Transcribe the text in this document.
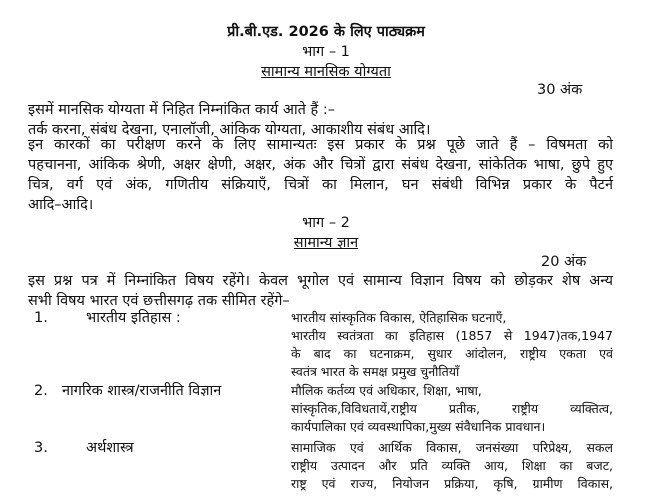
प्री.बी.एड. 2026 के लिए पाठ्यक्रम
भाग – 1
सामान्य मानसिक योग्यता
30 अंक
इसमें मानसिक योग्यता में निहित निम्नांकित कार्य आते हैं :–
तर्क करना, संबंध देखना, एनालॉजी, आंकिक योग्यता, आकाशीय संबंध आदि।
इन कारकों का परीक्षण करने के लिए सामान्यतः इस प्रकार के प्रश्न पूछे जाते हैं – विषमता को
पहचानना, आंकिक श्रेणी, अक्षर क्षेणी, अक्षर, अंक और चित्रों द्वारा संबंध देखना, सांकेतिक भाषा, छुपे हुए
चित्र, वर्ग एवं अंक, गणितीय संक्रियाएँ, चित्रों का मिलान, घन संबंधी विभिन्न प्रकार के पैटर्न
आदि–आदि।
भाग – 2
सामान्य ज्ञान
20 अंक
इस प्रश्न पत्र में निम्नांकित विषय रहेंगे। केवल भूगोल एवं सामान्य विज्ञान विषय को छोड़कर शेष अन्य
सभी विषय भारत एवं छत्तीसगढ़ तक सीमित रहेंगे–
1.	भारतीय इतिहास :	भारतीय सांस्कृतिक विकास, ऐतिहासिक घटनाएँ,
भारतीय स्वतंत्रता का इतिहास (1857 से 1947)तक,1947
के बाद का घटनाक्रम, सुधार आंदोलन, राष्ट्रीय एकता एवं
स्वतंत्र भारत के समक्ष प्रमुख चुनौतियाँ
2. नागरिक शास्त्र/राजनीति विज्ञान	मौलिक कर्तव्य एवं अधिकार, शिक्षा, भाषा,
सांस्कृतिक,विविधतायें,राष्ट्रीय प्रतीक, राष्ट्रीय व्यक्तित्व,
कार्यपालिका एवं व्यवस्थापिका,मुख्य संवैधानिक प्रावधान।
3.	अर्थशास्त्र	सामाजिक एवं आर्थिक विकास, जनसंख्या परिप्रेक्ष्य, सकल
राष्ट्रीय उत्पादन और प्रति व्यक्ति आय, शिक्षा का बजट,
राष्ट्र एवं राज्य, नियोजन प्रक्रिया, कृषि, ग्रामीण विकास,
